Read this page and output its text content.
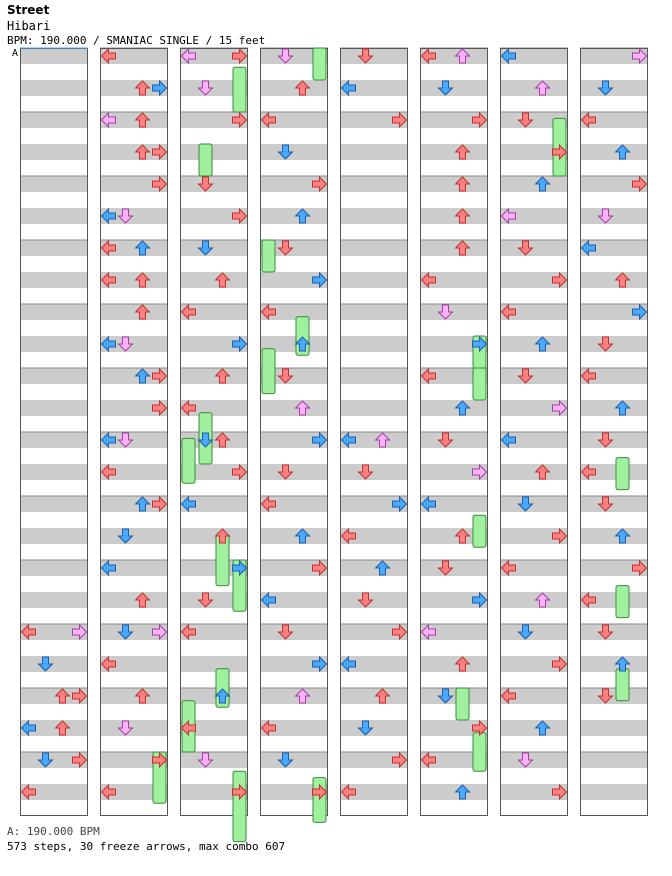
Street
Hibari
BPM: 190.000 / SMANIAC SINGLE / 15 feet
A
A: 190.000 BPM
573 steps, 30 freeze arrows, max combo 607
